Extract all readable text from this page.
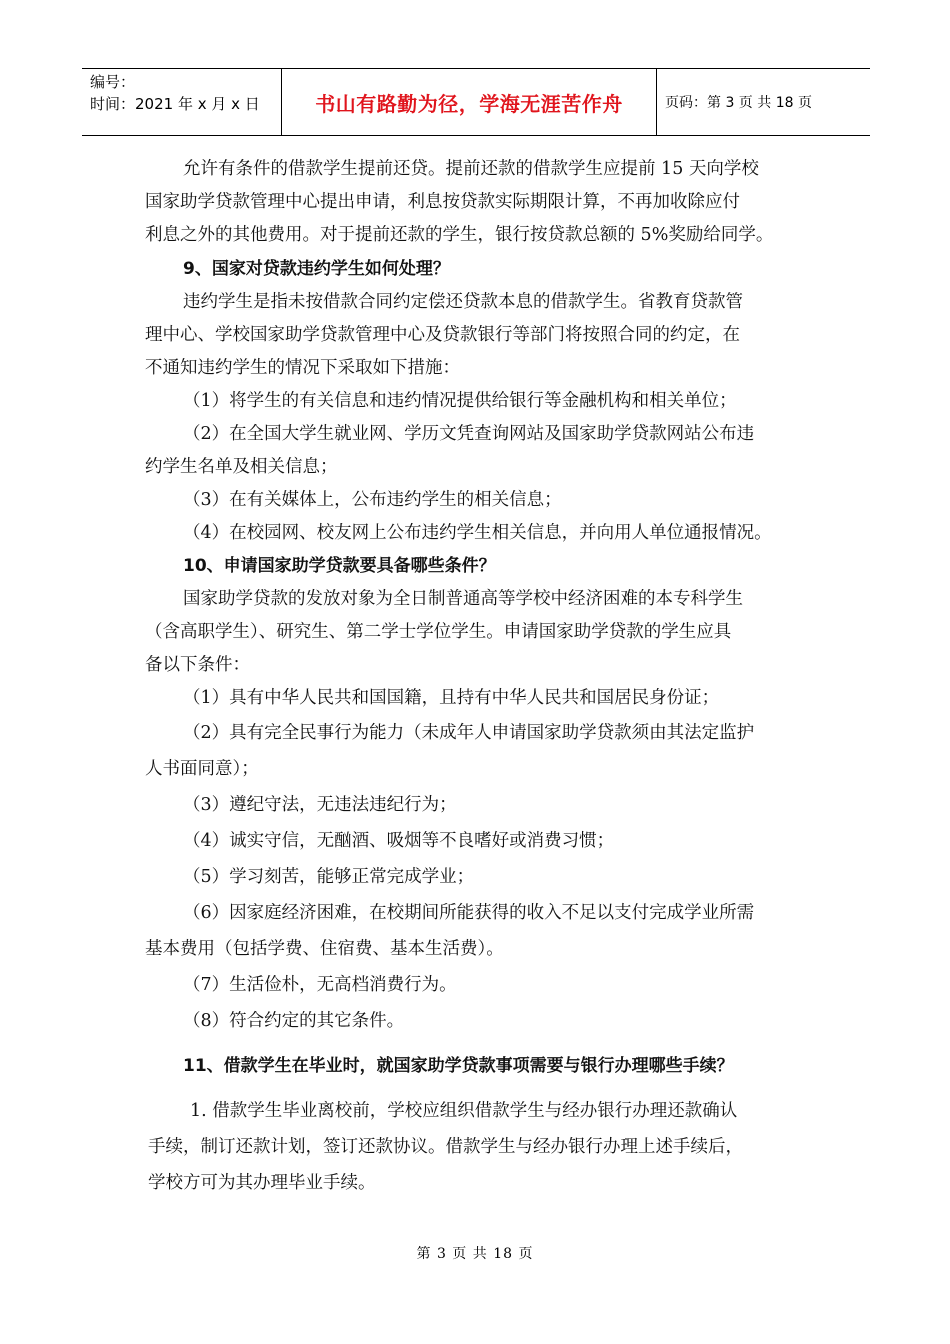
编号：
时间：2021 年 x 月 x 日	书山有路勤为径，学海无涯苦作舟	页码：第 3 页 共 18 页
允许有条件的借款学生提前还贷。提前还款的借款学生应提前 15 天向学校
国家助学贷款管理中心提出申请，利息按贷款实际期限计算，不再加收除应付
利息之外的其他费用。对于提前还款的学生，银行按贷款总额的 5%奖励给同学。
9、国家对贷款违约学生如何处理？
违约学生是指未按借款合同约定偿还贷款本息的借款学生。省教育贷款管
理中心、学校国家助学贷款管理中心及贷款银行等部门将按照合同的约定，在
不通知违约学生的情况下采取如下措施：
（1）将学生的有关信息和违约情况提供给银行等金融机构和相关单位；
（2）在全国大学生就业网、学历文凭查询网站及国家助学贷款网站公布违
约学生名单及相关信息；
（3）在有关媒体上，公布违约学生的相关信息；
（4）在校园网、校友网上公布违约学生相关信息，并向用人单位通报情况。
10、申请国家助学贷款要具备哪些条件？
国家助学贷款的发放对象为全日制普通高等学校中经济困难的本专科学生
（含高职学生）、研究生、第二学士学位学生。申请国家助学贷款的学生应具
备以下条件：
（1）具有中华人民共和国国籍，且持有中华人民共和国居民身份证；
（2）具有完全民事行为能力（未成年人申请国家助学贷款须由其法定监护
人书面同意）；
（3）遵纪守法，无违法违纪行为；
（4）诚实守信，无酗酒、吸烟等不良嗜好或消费习惯；
（5）学习刻苦，能够正常完成学业；
（6）因家庭经济困难，在校期间所能获得的收入不足以支付完成学业所需
基本费用（包括学费、住宿费、基本生活费）。
（7）生活俭朴，无高档消费行为。
（8）符合约定的其它条件。
11、借款学生在毕业时，就国家助学贷款事项需要与银行办理哪些手续？
1. 借款学生毕业离校前，学校应组织借款学生与经办银行办理还款确认
手续，制订还款计划，签订还款协议。借款学生与经办银行办理上述手续后，
学校方可为其办理毕业手续。
第 3 页 共 18 页
